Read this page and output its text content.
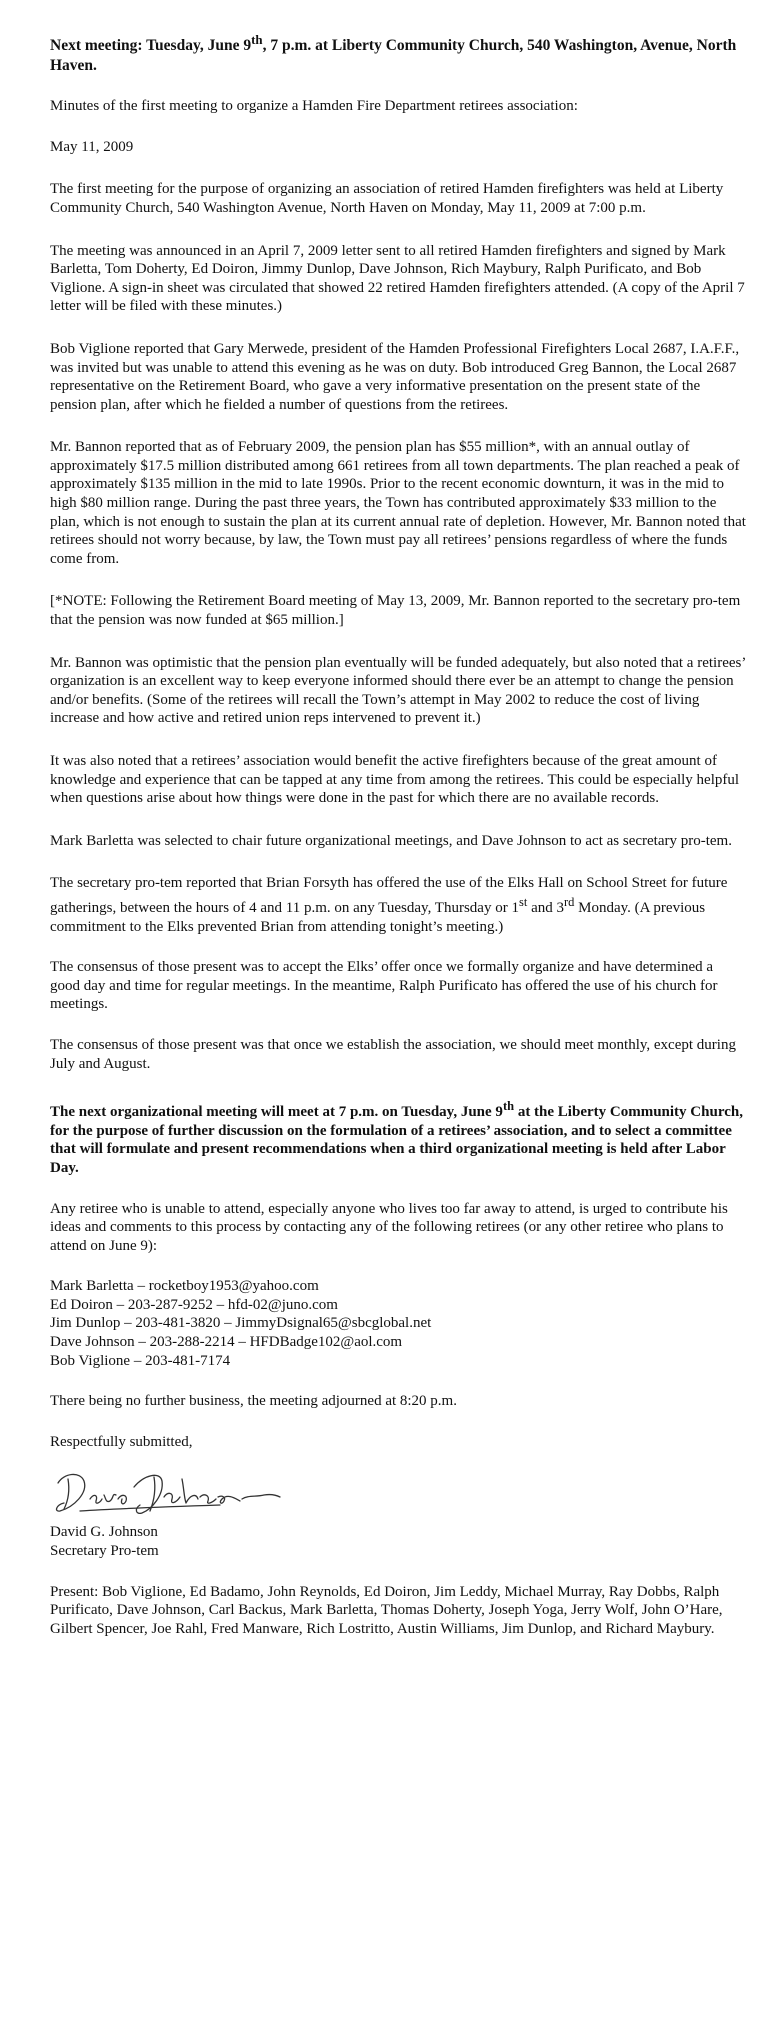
Next meeting: Tuesday, June 9th, 7 p.m. at Liberty Community Church, 540 Washington, Avenue, North Haven.

Minutes of the first meeting to organize a Hamden Fire Department retirees association:

May 11, 2009

The first meeting for the purpose of organizing an association of retired Hamden firefighters was held at Liberty Community Church, 540 Washington Avenue, North Haven on Monday, May 11, 2009 at 7:00 p.m.

The meeting was announced in an April 7, 2009 letter sent to all retired Hamden firefighters and signed by Mark Barletta, Tom Doherty, Ed Doiron, Jimmy Dunlop, Dave Johnson, Rich Maybury, Ralph Purificato, and Bob Viglione. A sign-in sheet was circulated that showed 22 retired Hamden firefighters attended. (A copy of the April 7 letter will be filed with these minutes.)

Bob Viglione reported that Gary Merwede, president of the Hamden Professional Firefighters Local 2687, I.A.F.F., was invited but was unable to attend this evening as he was on duty. Bob introduced Greg Bannon, the Local 2687 representative on the Retirement Board, who gave a very informative presentation on the present state of the pension plan, after which he fielded a number of questions from the retirees.

Mr. Bannon reported that as of February 2009, the pension plan has $55 million*, with an annual outlay of approximately $17.5 million distributed among 661 retirees from all town departments. The plan reached a peak of approximately $135 million in the mid to late 1990s. Prior to the recent economic downturn, it was in the mid to high $80 million range. During the past three years, the Town has contributed approximately $33 million to the plan, which is not enough to sustain the plan at its current annual rate of depletion. However, Mr. Bannon noted that retirees should not worry because, by law, the Town must pay all retirees’ pensions regardless of where the funds come from.

[*NOTE: Following the Retirement Board meeting of May 13, 2009, Mr. Bannon reported to the secretary pro-tem that the pension was now funded at $65 million.]

Mr. Bannon was optimistic that the pension plan eventually will be funded adequately, but also noted that a retirees’ organization is an excellent way to keep everyone informed should there ever be an attempt to change the pension and/or benefits. (Some of the retirees will recall the Town’s attempt in May 2002 to reduce the cost of living increase and how active and retired union reps intervened to prevent it.)

It was also noted that a retirees’ association would benefit the active firefighters because of the great amount of knowledge and experience that can be tapped at any time from among the retirees. This could be especially helpful when questions arise about how things were done in the past for which there are no available records.

Mark Barletta was selected to chair future organizational meetings, and Dave Johnson to act as secretary pro-tem.

The secretary pro-tem reported that Brian Forsyth has offered the use of the Elks Hall on School Street for future gatherings, between the hours of 4 and 11 p.m. on any Tuesday, Thursday or 1st and 3rd Monday. (A previous commitment to the Elks prevented Brian from attending tonight’s meeting.)

The consensus of those present was to accept the Elks’ offer once we formally organize and have determined a good day and time for regular meetings. In the meantime, Ralph Purificato has offered the use of his church for meetings.

The consensus of those present was that once we establish the association, we should meet monthly, except during July and August.

The next organizational meeting will meet at 7 p.m. on Tuesday, June 9th at the Liberty Community Church, for the purpose of further discussion on the formulation of a retirees’ association, and to select a committee that will formulate and present recommendations when a third organizational meeting is held after Labor Day.

Any retiree who is unable to attend, especially anyone who lives too far away to attend, is urged to contribute his ideas and comments to this process by contacting any of the following retirees (or any other retiree who plans to attend on June 9):

Mark Barletta – rocketboy1953@yahoo.com
Ed Doiron – 203-287-9252 – hfd-02@juno.com
Jim Dunlop – 203-481-3820 – JimmyDsignal65@sbcglobal.net
Dave Johnson – 203-288-2214 – HFDBadge102@aol.com
Bob Viglione – 203-481-7174

There being no further business, the meeting adjourned at 8:20 p.m.

Respectfully submitted,

David G. Johnson

Secretary Pro-tem

Present: Bob Viglione, Ed Badamo, John Reynolds, Ed Doiron, Jim Leddy, Michael Murray, Ray Dobbs, Ralph Purificato, Dave Johnson, Carl Backus, Mark Barletta, Thomas Doherty, Joseph Yoga, Jerry Wolf, John O’Hare, Gilbert Spencer, Joe Rahl, Fred Manware, Rich Lostritto, Austin Williams, Jim Dunlop, and Richard Maybury.
